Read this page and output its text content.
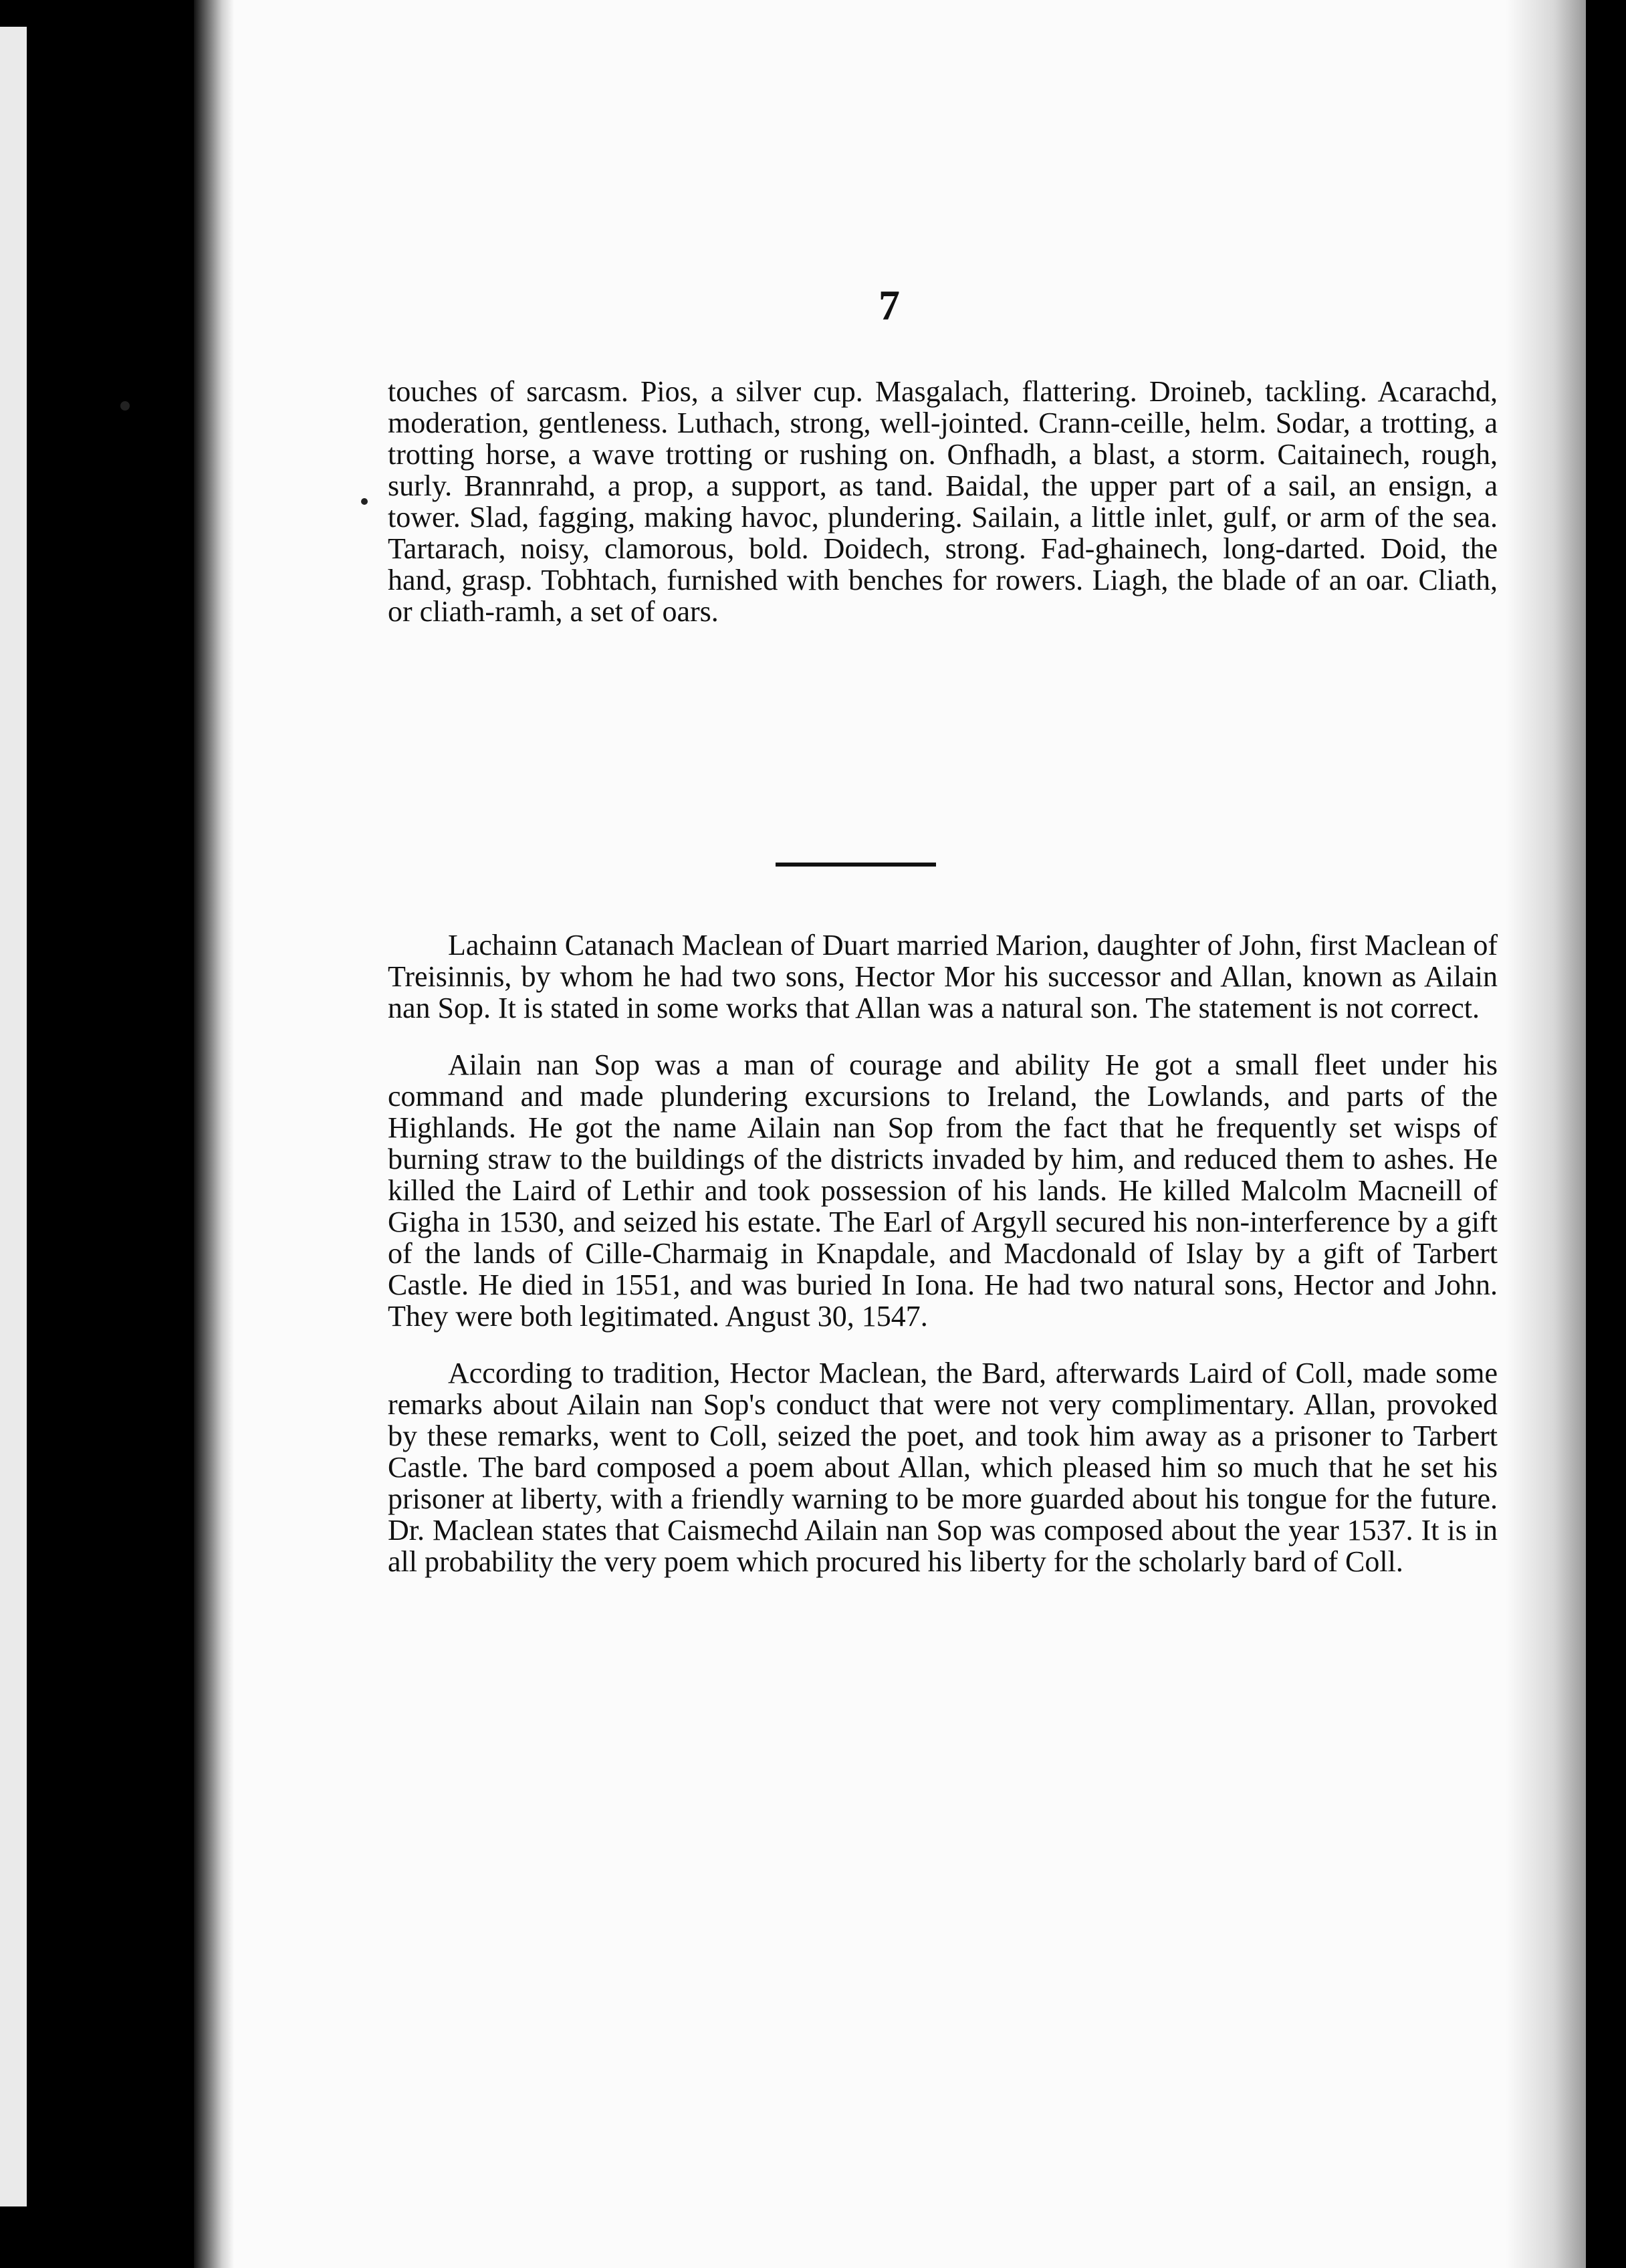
7

touches of sarcasm. Pios, a silver cup. Masgalach, flattering. Droineb, tackling. Acarachd, moderation, gentleness. Luthach, strong, well-jointed. Crann-ceille, helm. Sodar, a trotting, a trotting horse, a wave trotting or rushing on. Onfhadh, a blast, a storm. Caitainech, rough, surly. Brannrahd, a prop, a support, as tand. Baidal, the upper part of a sail, an ensign, a tower. Slad, fagging, making havoc, plundering. Sailain, a little inlet, gulf, or arm of the sea. Tartarach, noisy, clamorous, bold. Doidech, strong. Fad-ghainech, long-darted. Doid, the hand, grasp. Tobhtach, furnished with benches for rowers. Liagh, the blade of an oar. Cliath, or cliath-ramh, a set of oars.

Lachainn Catanach Maclean of Duart married Marion, daughter of John, first Maclean of Treisinnis, by whom he had two sons, Hector Mor his successor and Allan, known as Ailain nan Sop. It is stated in some works that Allan was a natural son. The statement is not correct.

Ailain nan Sop was a man of courage and ability He got a small fleet under his command and made plundering excursions to Ireland, the Lowlands, and parts of the Highlands. He got the name Ailain nan Sop from the fact that he frequently set wisps of burning straw to the buildings of the districts invaded by him, and reduced them to ashes. He killed the Laird of Lethir and took possession of his lands. He killed Malcolm Macneill of Gigha in 1530, and seized his estate. The Earl of Argyll secured his non-interference by a gift of the lands of Cille-Charmaig in Knapdale, and Macdonald of Islay by a gift of Tarbert Castle. He died in 1551, and was buried In Iona. He had two natural sons, Hector and John. They were both legitimated. Angust 30, 1547.

According to tradition, Hector Maclean, the Bard, afterwards Laird of Coll, made some remarks about Ailain nan Sop's conduct that were not very complimentary. Allan, provoked by these remarks, went to Coll, seized the poet, and took him away as a prisoner to Tarbert Castle. The bard composed a poem about Allan, which pleased him so much that he set his prisoner at liberty, with a friendly warning to be more guarded about his tongue for the future. Dr. Maclean states that Caismechd Ailain nan Sop was composed about the year 1537. It is in all probability the very poem which procured his liberty for the scholarly bard of Coll.
